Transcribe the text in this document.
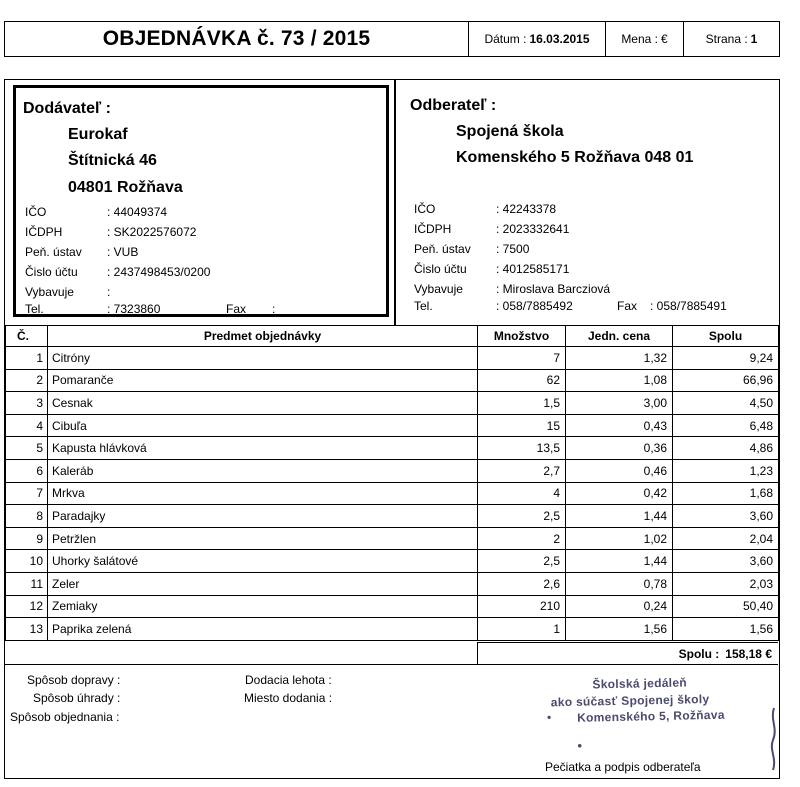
OBJEDNÁVKA č. 73 / 2015	Dátum : 16.03.2015	Mena : €	Strana : 1
Dodávateľ :
Eurokaf
Štítnická 46
04801 Rožňava
IČO	: 44049374
IČDPH	: SK2022576072
Peň. ústav : VUB
Čislo účtu : 2437498453/0200
Vybavuje	:
Tel.	: 7323860	Fax :
Odberateľ :
Spojená škola
Komenského 5 Rožňava 048 01
IČO	: 42243378
IČDPH	: 2023332641
Peň. ústav : 7500
Čislo účtu : 4012585171
Vybavuje	: Miroslava Barcziová
Tel.	: 058/7885492	Fax : 058/7885491
Č.	Predmet objednávky	Množstvo	Jedn. cena	Spolu
1	Citróny	7	1,32	9,24
2	Pomaranče	62	1,08	66,96
3	Cesnak	1,5	3,00	4,50
4	Cibuľa	15	0,43	6,48
5	Kapusta hlávková	13,5	0,36	4,86
6	Kaleráb	2,7	0,46	1,23
7	Mrkva	4	0,42	1,68
8	Paradajky	2,5	1,44	3,60
9	Petržlen	2	1,02	2,04
10	Uhorky šalátové	2,5	1,44	3,60
11	Zeler	2,6	0,78	2,03
12	Zemiaky	210	0,24	50,40
13	Paprika zelená	1	1,56	1,56
Spolu : 158,18 €
Spôsob dopravy :
Spôsob úhrady :
Spôsob objednania :
Dodacia lehota :
Miesto dodania :
Školská jedáleň
ako súčasť Spojenej školy
Komenského 5, Rožňava
Pečiatka a podpis odberateľa
